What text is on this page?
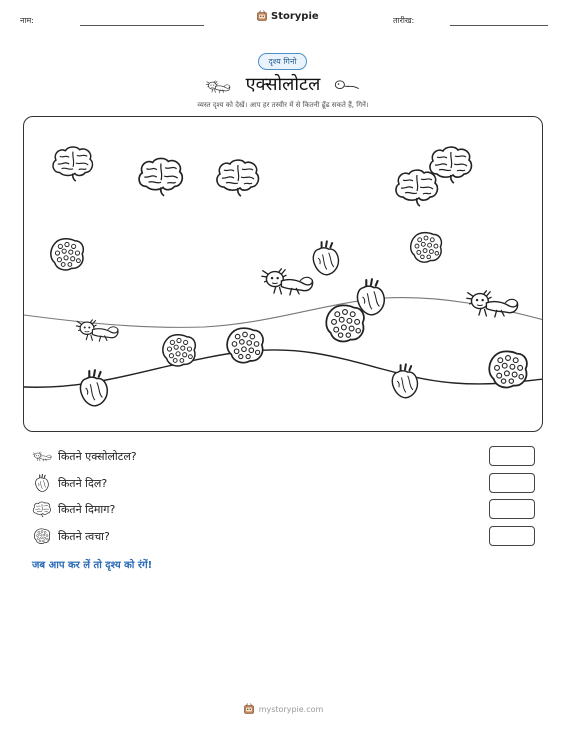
नाम:	Storypie	तारीख:
दृश्य गिनो
एक्सोलोटल
व्यस्त दृश्य को देखें। आप हर तस्वीर में से कितनी ढूँढ सकते हैं, गिनें।
कितने एक्सोलोटल?
कितने दिल?
कितने दिमाग?
कितने त्वचा?
जब आप कर लें तो दृश्य को रंगें!
mystorypie.com
